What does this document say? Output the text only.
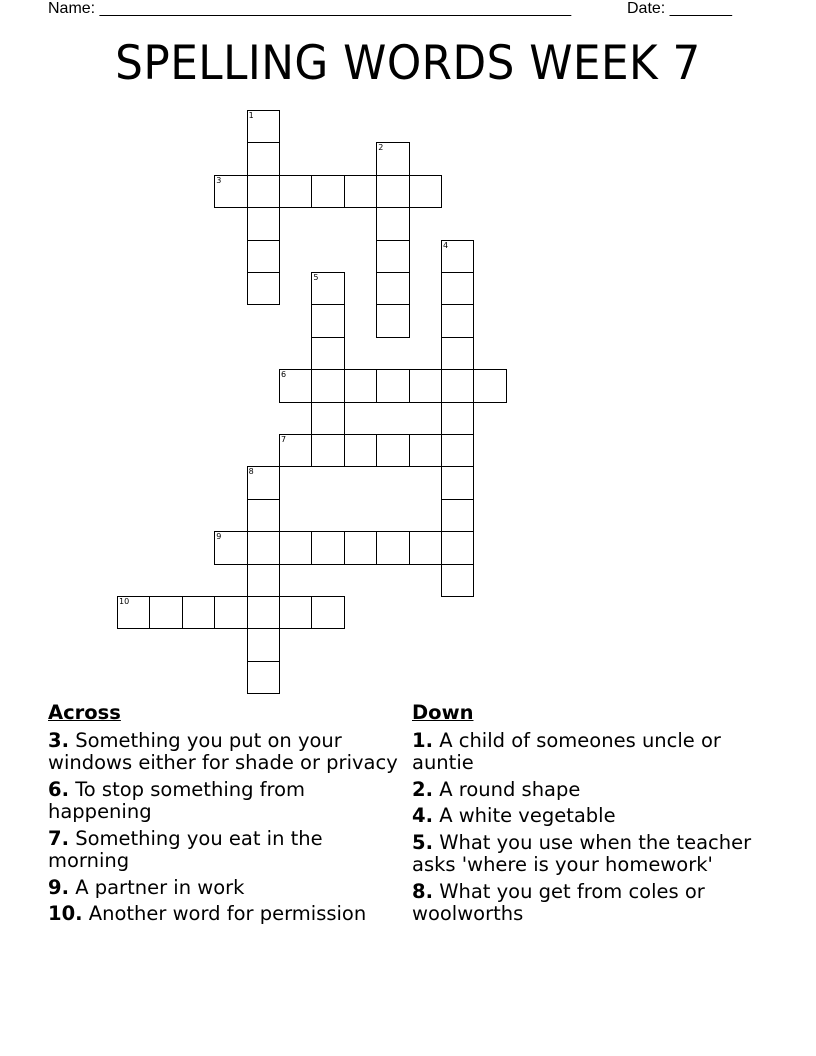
Name: _____________________________________________________	Date: _______
SPELLING WORDS WEEK 7
1
2
3
4
5
6
7
8
9
10
Across
3. Something you put on your windows either for shade or privacy
6. To stop something from happening
7. Something you eat in the morning
9. A partner in work
10. Another word for permission
Down
1. A child of someones uncle or auntie
2. A round shape
4. A white vegetable
5. What you use when the teacher asks 'where is your homework'
8. What you get from coles or woolworths
